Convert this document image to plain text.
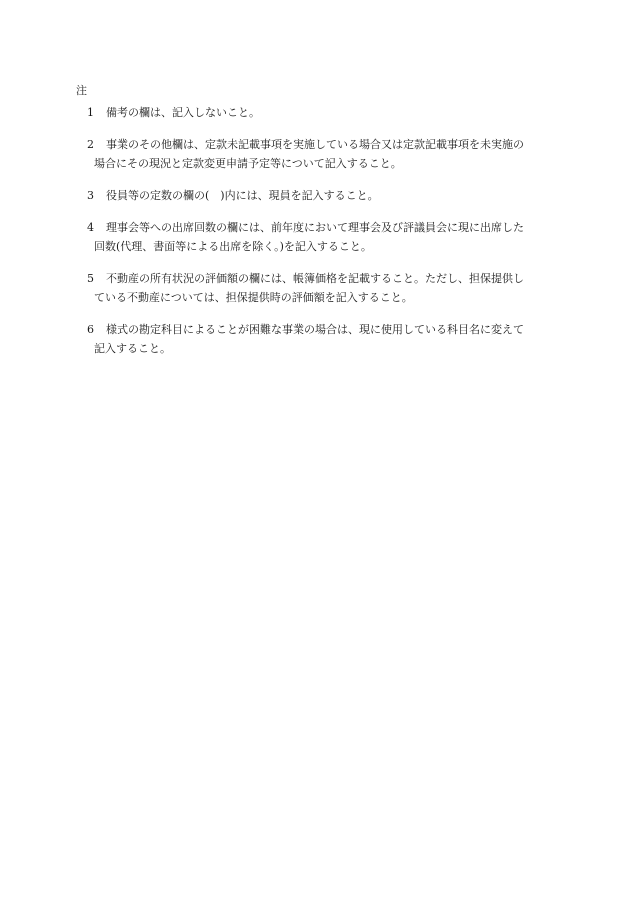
注
1	備考の欄は、記入しないこと。
2	事業のその他欄は、定款未記載事項を実施している場合又は定款記載事項を未実施の
場合にその現況と定款変更申請予定等について記入すること。
3	役員等の定数の欄の(　)内には、現員を記入すること。
4	理事会等への出席回数の欄には、前年度において理事会及び評議員会に現に出席した
回数(代理、書面等による出席を除く。)を記入すること。
5	不動産の所有状況の評価額の欄には、帳簿価格を記載すること。ただし、担保提供し
ている不動産については、担保提供時の評価額を記入すること。
6	様式の勘定科目によることが困難な事業の場合は、現に使用している科目名に変えて
記入すること。
